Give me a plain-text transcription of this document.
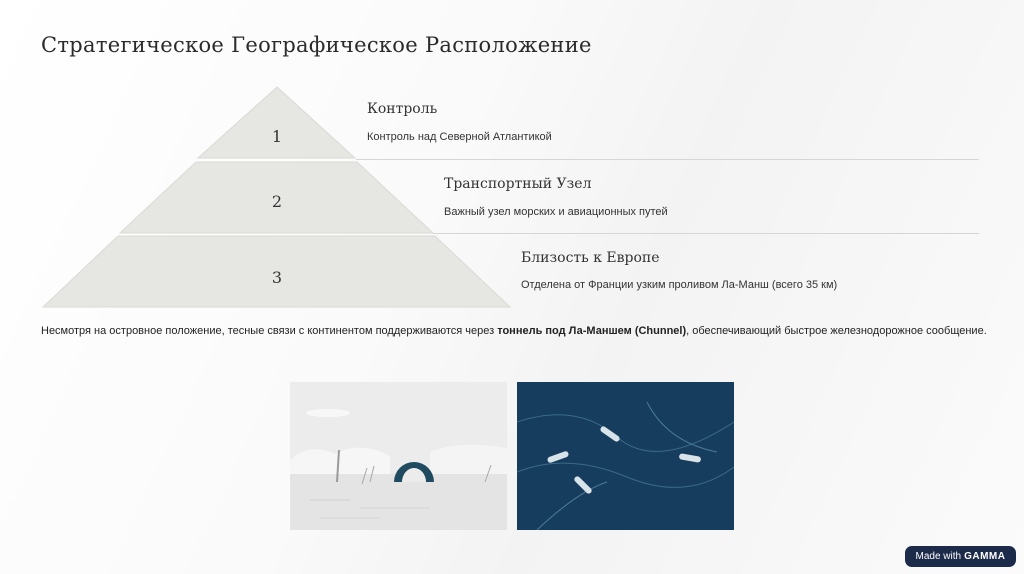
Стратегическое Географическое Расположение
1
2
3
Контроль
Контроль над Северной Атлантикой
Транспортный Узел
Важный узел морских и авиационных путей
Близость к Европе
Отделена от Франции узким проливом Ла-Манш (всего 35 км)
Несмотря на островное положение, тесные связи с континентом поддерживаются через тоннель под Ла-Маншем (Chunnel), обеспечивающий быстрое железнодорожное сообщение.
Made with GAMMA
